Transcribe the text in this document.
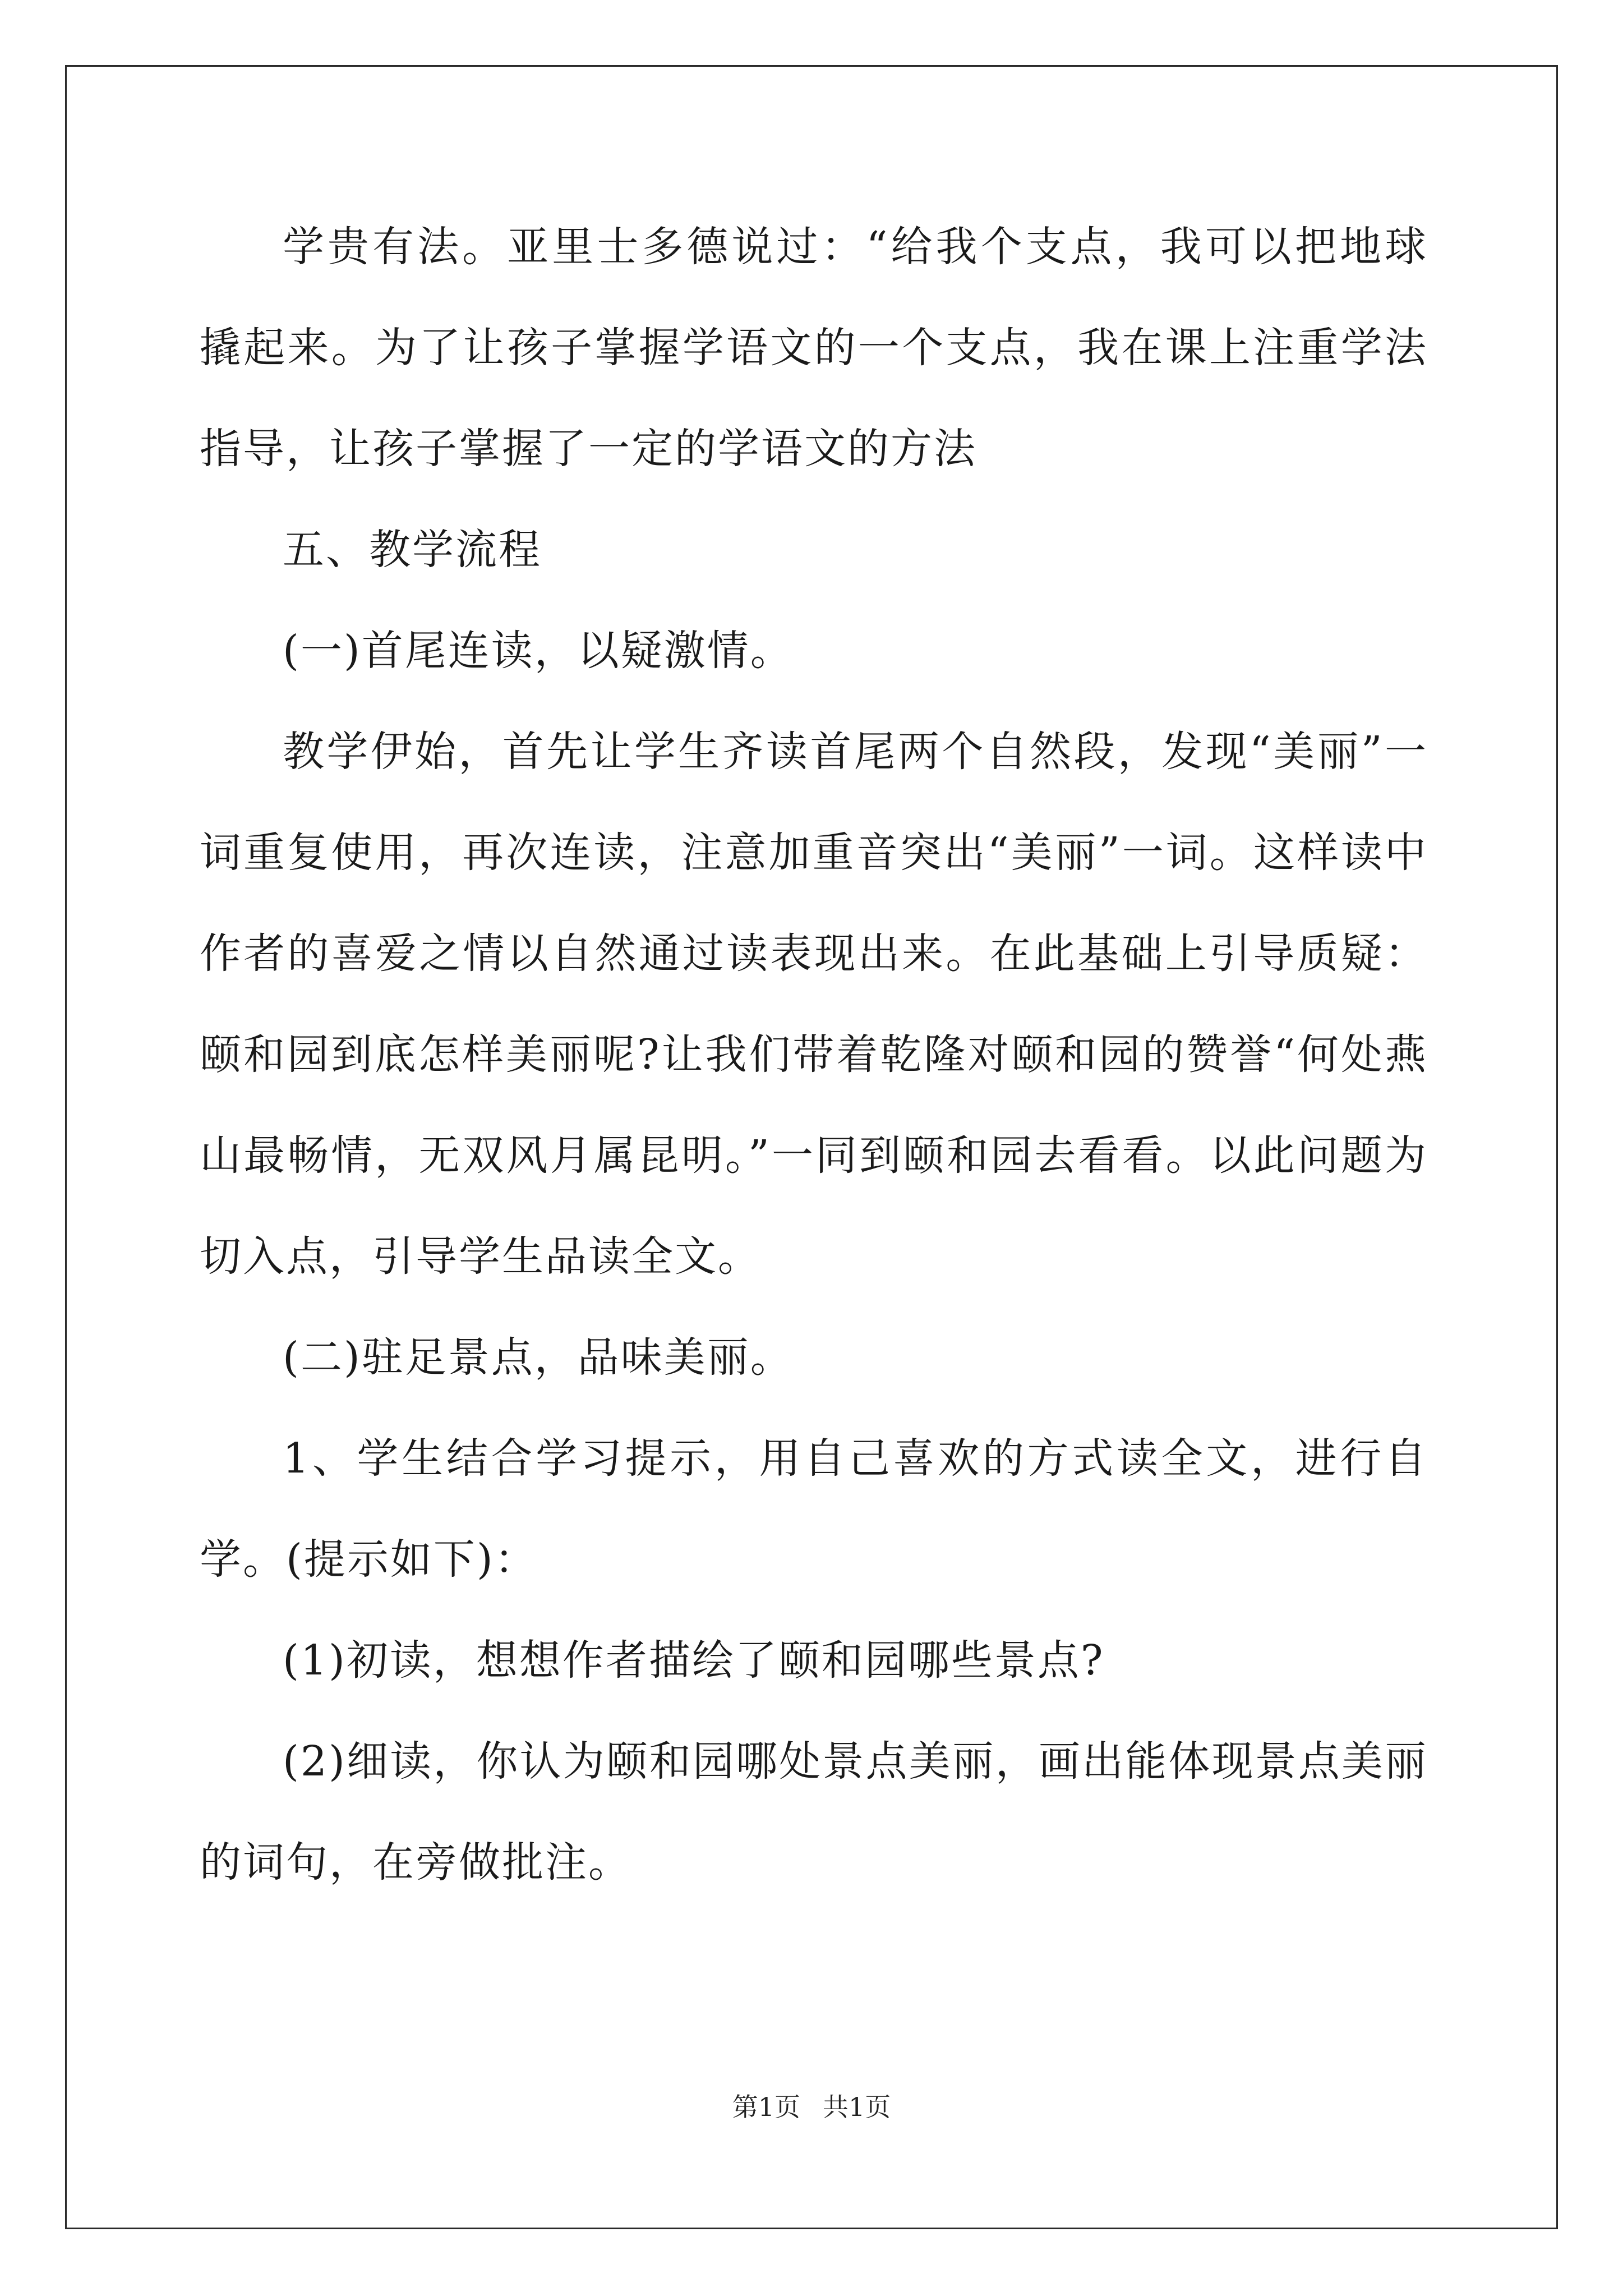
学贵有法。亚里士多德说过：“给我个支点，我可以把地球撬起来。为了让孩子掌握学语文的一个支点，我在课上注重学法指导，让孩子掌握了一定的学语文的方法

五、教学流程

(一)首尾连读，以疑激情。

教学伊始，首先让学生齐读首尾两个自然段，发现“美丽”一词重复使用，再次连读，注意加重音突出“美丽”一词。这样读中作者的喜爱之情以自然通过读表现出来。在此基础上引导质疑：颐和园到底怎样美丽呢?让我们带着乾隆对颐和园的赞誉“何处燕山最畅情，无双风月属昆明。”一同到颐和园去看看。以此问题为切入点，引导学生品读全文。

(二)驻足景点，品味美丽。

1、学生结合学习提示，用自己喜欢的方式读全文，进行自学。(提示如下)：

(1)初读，想想作者描绘了颐和园哪些景点?

(2)细读，你认为颐和园哪处景点美丽，画出能体现景点美丽的词句，在旁做批注。

第1页 共1页
